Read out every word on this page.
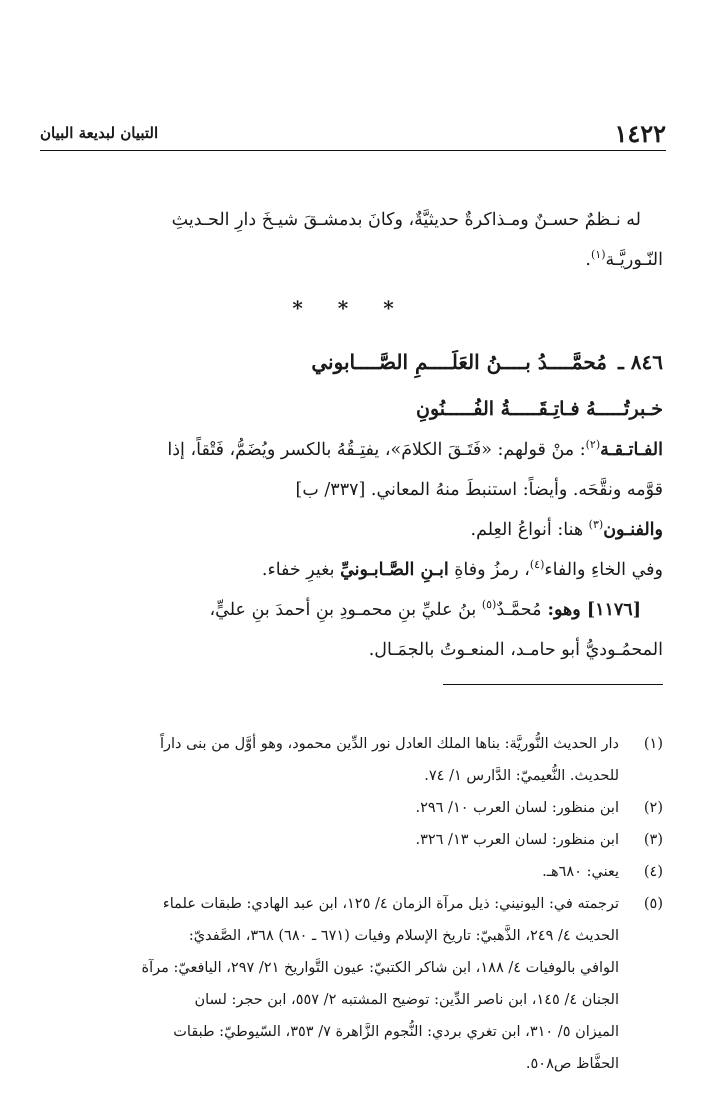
١٤٢٢
التبيان لبديعة البيان

له نـظمٌ حسـنٌ ومـذاكرةٌ حديثيَّةٌ، وكانَ بدمشـقَ شيـخَ دارِ الحـديثِ

النّـوريَّـة$^{(١)}$.

* * *
٨٤٦ ـ مُحمَّــــدُ بــــنُ العَلَــــمِ الصَّــــابوني
خـبرتُـــــهُ فـاتِـقَـــــةُ الفُـــــنُونِ

الفـاتـقـة$^{(٢)}$: منْ قولهم: «فَتَـقَ الكلامَ»، يفتِـقُهُ بالكسر ويُضَمُّ، فَتْقاً، إذا

قوَّمه ونقَّحَه. وأيضاً: استنبطَ منهُ المعاني. [٣٣٧/ ب]

والفنـون$^{(٣)}$ هنا: أنواعُ العِلم.

وفي الخاءِ والفاء$^{(٤)}$، رمزُ وفاةِ ابـنِ الصَّـابـونيِّ بغيرِ خفاء.

[١١٧٦] وهو: مُحمَّـدٌ$^{(٥)}$ بنُ عليِّ بنِ محمـودِ بنِ أحمدَ بنِ عليٍّ،

المحمُـوديُّ أبو حامـد، المنعـوتُ بالجمَـال.

(١)
دار الحديث النُّوريَّة: بناها الملك العادل نور الدِّين محمود، وهو أوَّل من بنى داراً
للحديث. النُّعيميّ: الدَّارس ١/ ٧٤.
(٢)
ابن منظور: لسان العرب ١٠/ ٢٩٦.
(٣)
ابن منظور: لسان العرب ١٣/ ٣٢٦.
(٤)
يعني: ٦٨٠هـ.
(٥)
ترجمته في: اليونيني: ذيل مرآة الزمان ٤/ ١٢٥، ابن عبد الهادي: طبقات علماء
الحديث ٤/ ٢٤٩، الذَّهبيّ: تاريخ الإسلام وفيات (٦٧١ ـ ٦٨٠) ٣٦٨، الصَّفديّ:
الوافي بالوفيات ٤/ ١٨٨، ابن شاكر الكتبيّ: عيون التَّواريخ ٢١/ ٢٩٧، اليافعيّ: مرآة
الجنان ٤/ ١٤٥، ابن ناصر الدِّين: توضيح المشتبه ٢/ ٥٥٧، ابن حجر: لسان
الميزان ٥/ ٣١٠، ابن تغري بردي: النُّجوم الزَّاهرة ٧/ ٣٥٣، السّيوطيّ: طبقات
الحفَّاظ ص٥٠٨.
